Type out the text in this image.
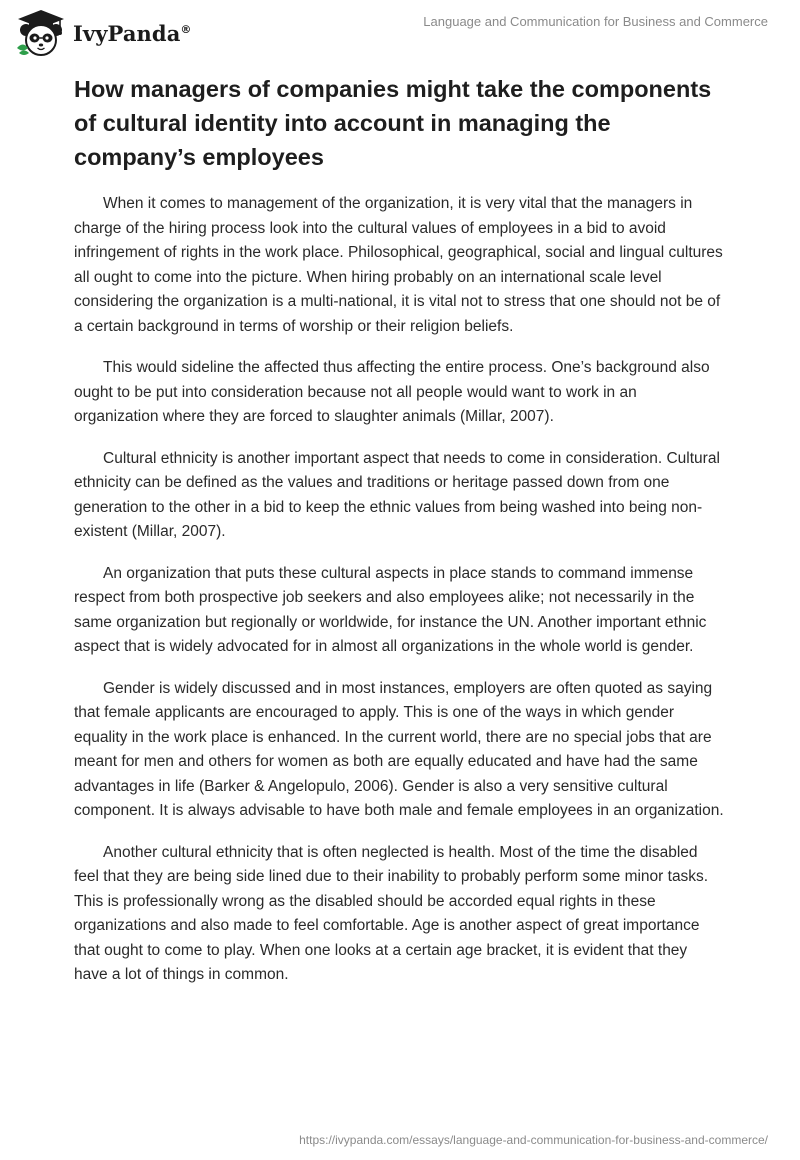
IvyPanda®	Language and Communication for Business and Commerce
How managers of companies might take the components of cultural identity into account in managing the company’s employees

When it comes to management of the organization, it is very vital that the managers in charge of the hiring process look into the cultural values of employees in a bid to avoid infringement of rights in the work place. Philosophical, geographical, social and lingual cultures all ought to come into the picture. When hiring probably on an international scale level considering the organization is a multi-national, it is vital not to stress that one should not be of a certain background in terms of worship or their religion beliefs.

This would sideline the affected thus affecting the entire process. One’s background also ought to be put into consideration because not all people would want to work in an organization where they are forced to slaughter animals (Millar, 2007).

Cultural ethnicity is another important aspect that needs to come in consideration. Cultural ethnicity can be defined as the values and traditions or heritage passed down from one generation to the other in a bid to keep the ethnic values from being washed into being non-existent (Millar, 2007).

An organization that puts these cultural aspects in place stands to command immense respect from both prospective job seekers and also employees alike; not necessarily in the same organization but regionally or worldwide, for instance the UN. Another important ethnic aspect that is widely advocated for in almost all organizations in the whole world is gender.

Gender is widely discussed and in most instances, employers are often quoted as saying that female applicants are encouraged to apply. This is one of the ways in which gender equality in the work place is enhanced. In the current world, there are no special jobs that are meant for men and others for women as both are equally educated and have had the same advantages in life (Barker & Angelopulo, 2006). Gender is also a very sensitive cultural component. It is always advisable to have both male and female employees in an organization.

Another cultural ethnicity that is often neglected is health. Most of the time the disabled feel that they are being side lined due to their inability to probably perform some minor tasks. This is professionally wrong as the disabled should be accorded equal rights in these organizations and also made to feel comfortable. Age is another aspect of great importance that ought to come to play. When one looks at a certain age bracket, it is evident that they have a lot of things in common.

https://ivypanda.com/essays/language-and-communication-for-business-and-commerce/
